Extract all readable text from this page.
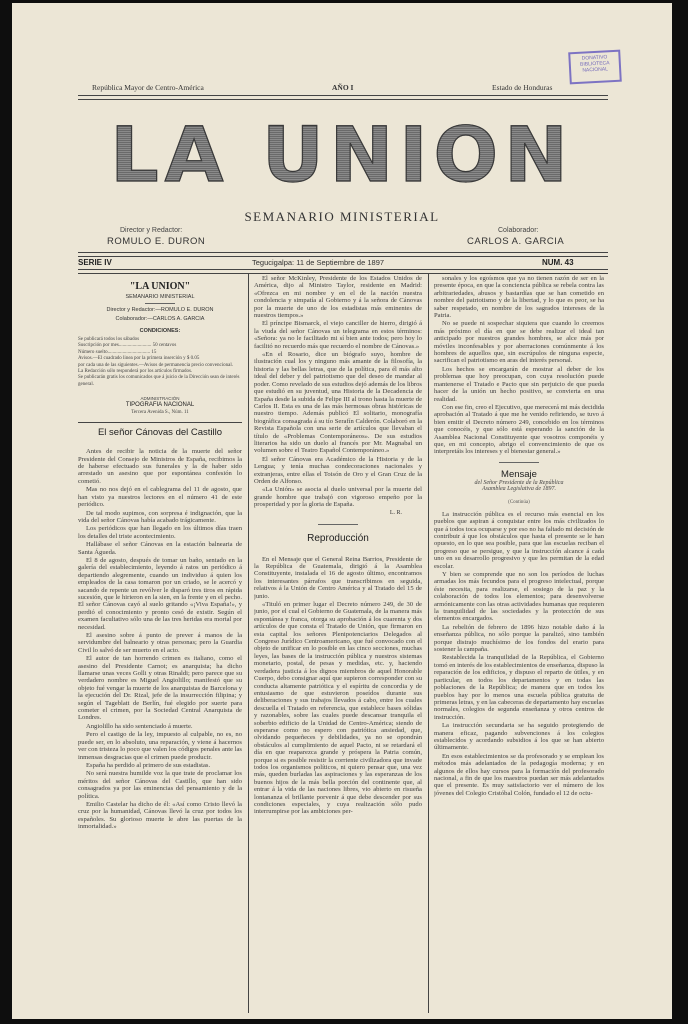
DONATIVO
BIBLIOTECA
NACIONAL
República Mayor de Centro-América	AÑO I	Estado de Honduras
LA UNION
SEMANARIO MINISTERIAL
Director y Redactor:
ROMULO E. DURON
Colaborador:
CARLOS A. GARCIA
SERIE IV	Tegucigalpa: 11 de Septiembre de 1897	NUM. 43
"LA UNION"
SEMANARIO MINISTERIAL
Director y Redactor:—ROMULO E. DURON
Colaborador:—CARLOS A. GARCIA
CONDICIONES:
Se publicará todos los sábados
Suscripción por mes.......................... 50 centavos
Número suelto.................................. 15
Avisos.—El cuadrado linea por la primera inserción y $ 0.05
por cada una de las siguientes.—Avisos de permanencia precio convencional.
La Redacción sólo responderá por los artículos firmados.
Se publicarán gratis los comunicados que á juicio de la Dirección sean de interés general.
ADMINISTRACIÓN
TIPOGRAFIA NACIONAL
Tercera Avenida S., Núm. 11
El señor Cánovas del Castillo

Antes de recibir la noticia de la muerte del señor Presidente del Consejo de Ministros de España, recibimos la de haberse efectuado sus funerales y la de haber sido arrestado un asesino que por espontánea confesión lo cometió.

Mas no nos dejó en el cablegrama del 11 de agosto, que han visto ya nuestros lectores en el número 41 de este periódico.

De tal modo supimos, con sorpresa é indignación, que la vida del señor Cánovas había acabado trágicamente.

Los periódicos que han llegado en los últimos días traen los detalles del triste acontecimiento.

Hallábase el señor Cánovas en la estación balnearia de Santa Águeda.

El 8 de agosto, después de tomar un baño, sentado en la galería del establecimiento, leyendo á ratos un periódico á departiendo alegremente, cuando un individuo á quien los empleados de la casa tomaron por un criado, se le acercó y sacando de repente un revólver le disparó tres tiros en rápida sucesión, que le hirieron en la sien, en la frente y en el pecho. El señor Cánovas cayó al suelo gritando «¡Viva España!», y perdió el conocimiento y pronto cesó de existir. Según el examen facultativo sólo una de las tres heridas era mortal por necesidad.

El asesino sobre á punto de prever á manos de la servidumbre del balneario y otras personas; pero la Guardia Civil lo salvó de ser muerto en el acto.

El autor de tan horrendo crimen es italiano, como el asesino del Presidente Carnot; es anarquista; ha dicho llamarse unas veces Golli y otras Rinaldi; pero parece que su verdadero nombre es Miguel Angiolillo; manifestó que su objeto fué vengar la muerte de los anarquistas de Barcelona y la ejecución del Dr. Rizal, jefe de la insurrección filipina; y según el Tageblatt de Berlín, fué elegido por suerte para cometer el crimen, por la Sociedad Central Anarquista de Londres.

Angiolillo ha sido sentenciado á muerte.

Pero el castigo de la ley, impuesto al culpable, no es, no puede ser, en lo absoluto, una reparación, y viene á hacernos ver con tristeza lo poco que valen los códigos penales ante las inmensas desgracias que el crimen puede producir.

España ha perdido al primero de sus estadistas.

No será nuestra humilde voz la que trate de proclamar los méritos del señor Cánovas del Castillo, que han sido consagrados ya por las eminencias del pensamiento y de la política.

Emilio Castelar ha dicho de él: «Así como Cristo llevó la cruz por la humanidad, Cánovas llevó la cruz por todos los españoles. Su glorioso muerte le abre las puertas de la inmortalidad.»

El señor McKinley, Presidente de los Estados Unidos de América, dijo al Ministro Taylor, residente en Madrid: «Ofrezca en mi nombre y en el de la nación nuestra condolencia y simpatía al Gobierno y á la señora de Cánovas por la muerte de uno de los estadistas más eminentes de nuestros tiempos.»

El príncipe Bismarck, el viejo canciller de hierro, dirigió á la viuda del señor Cánovas un telegrama en estos términos: «Señora: ya no le facilitado mi sí bien ante todos; pero hoy lo facilitó no recuerdo más que recuerdo el nombre de Cánovas.»

«En el Rosario, dice un biógrafo suyo, hombre de ilustración cual los y ninguno más amante de la filosofía, la historia y las bellas letras, que de la política, para él más alto ideal del deber y del patriotismo que del deseo de mandar al poder. Como revelado de sus estudios dejó además de los libros que estudió en su juventud, una Historia de la Decadencia de España desde la subida de Felipe III al trono hasta la muerte de Carlos II. Esta es una de las más hermosas obras históricas de nuestro tiempo. Además publicó El solitario, monografía biográfica consagrada á su tío Serafín Calderón. Colaboró en la Revista Española con una serie de artículos que llevaban el título de «Problemas Contemporáneos». De sus estudios literarios ha sido un duelo al francés por Mr. Magnabal un volumen sobre el Teatro Español Contemporáneo.»

El señor Cánovas era Académico de la Historia y de la Lengua; y tenía muchas condecoraciones nacionales y extranjeras, entre ellas el Toisón de Oro y el Gran Cruz de la Orden de Alfonso.

«La Unión» se asocia al duelo universal por la muerte del grande hombre que trabajó con vigoroso empeño por la prosperidad y por la gloria de España.

L. R.
Reproducción

En el Mensaje que el General Reina Barrios, Presidente de la República de Guatemala, dirigió á la Asamblea Constituyente, instalada el 16 de agosto último, encontramos los interesantes párrafos que transcribimos en seguida, relativos á la Unión de Centro América y al Tratado del 15 de junio.

«Tituló en primer lugar el Decreto número 249, de 30 de junio, por el cual el Gobierno de Guatemala, de la manera más espontánea y franca, otorga su aprobación á los cuarenta y dos artículos de que consta el Tratado de Unión, que firmaron en esta capital los señores Plenipotenciarios Delegados al Congreso Jurídico Centroamericano, que fué convocado con el objeto de unificar en lo posible en las cinco secciones, muchas leyes, las bases de la instrucción pública y nuestros sistemas monetario, postal, de pesas y medidas, etc. y, haciendo verdadera justicia á los dignos miembros de aquel Honorable Cuerpo, debo consignar aquí que supieron corresponder con su conducta altamente patriótica y el espíritu de concordia y de entusiasmo de que estuvieron poseídos durante sus deliberaciones y sus trabajos llevados á cabo, entre los cuales descuella el Tratado en referencia, que establece bases sólidas y razonables, sobre las cuales puede descansar tranquila el soberbio edificio de la Unidad de Centro-América; siendo de esperarse como no espero con patriótica ansiedad, que, olvidando pequeñeces y debilidades, ya no se opondrán obstáculos al cumplimiento de aquel Pacto, ni se retardará el día en que reaparezca grande y próspera la Patria común, porque si es posible resistir la corriente civilizadora que invade todos los organismos políticos, ni quiero pensar que, una vez más, queden burladas las aspiraciones y las esperanzas de los buenos hijos de la más bella porción del continente que, al entrar á la vida de las naciones libres, vio abierto en risueña lontananza el brillante porvenir á que debe descender por sus condiciones especiales, y cuya realización sólo pudo interrumpirse por las ambiciones per-

sonales y los egoísmos que ya no tienen razón de ser en la presente época, en que la conciencia pública se rebela contra las arbitrariedades, abusos y bastardías que se han cometido en nombre del patriotismo y de la libertad, y lo que es peor, se ha saber respetado, en nombre de los sagrados intereses de la Patria.

No se puede ni sospechar siquiera que cuando lo creemos más próximo el día en que se debe realizar el ideal tan anticipado por nuestros grandes hombres, se alce más por móviles inconfesables y por aberraciones comúnmente á los hombres de aquellos que, sin escrúpulos de ninguna especie, sacrifican el patriotismo en aras del interés personal.

Los hechos se encargarán de mostrar al deber de los problemas que hoy preocupan, con cuya resolución puede mantenerse el Tratado e Pacto que sin perjuicio de que pueda hacer de la unión un hecho positivo, se convierta en una realidad.

Con ese fin, creo el Ejecutivo, que merecerá mi más decidida aprobación al Tratado á que me he venido refiriendo, se tuvo á bien emitir el Decreto número 249, concebido en los términos que conocéis, y que sólo está esperando la sanción de la Asamblea Nacional Constituyente que vosotros componéis y que, en mi concepto, abrigo el convencimiento de que os interpretáis los intereses y el bienestar general.»

Mensaje
del Señor Presidente de la República
Asamblea Legislativa de 1897.
(Continúa)

La instrucción pública es el recurso más esencial en los pueblos que aspiran á conquistar entre los más civilizados lo que á todos toca ocuparse y por eso no ha faltado mi decisión de contribuir á que los obstáculos que hasta el presente se le han opuesto, en lo que sea posible, para que las escuelas reciban el progreso que se persigue, y que la instrucción alcance á cada uno en su desarrollo progresivo y que les permitan de la edad escolar.

Y bien se comprende que no son los períodos de luchas armadas los más fecundos para el progreso intelectual, porque éste necesita, para realizarse, el sosiego de la paz y la colaboración de todos los elementos; para desenvolverse armónicamente con las otras actividades humanas que requieren la tranquilidad de las sociedades y la protección de sus elementos encargados.

La rebelión de febrero de 1896 hizo notable daño á la enseñanza pública, no sólo porque la paralizó, sino también porque distrajo muchísimo de los fondos del erario para sostener la campaña.

Restablecida la tranquilidad de la República, el Gobierno tomó en interés de los establecimientos de enseñanza, dispuso la reparación de los edificios, y dispuso el reparto de útiles, y en particular, en todos los departamentos y en todas las poblaciones de la República; de manera que en todos los pueblos hay por lo menos una escuela pública gratuita de primeras letras, y en las cabeceras de departamento hay escuelas normales, colegios de segunda enseñanza y otros centros de instrucción.

La instrucción secundaria se ha seguido protegiendo de manera eficaz, pagando subvenciones á los colegios establecidos y acordando subsidios á los que se han abierto últimamente.

En esos establecimientos se da profesorado y se emplean los métodos más adelantados de la pedagogía moderna; y en algunos de ellos hay cursos para la formación del profesorado nacional, a fin de que los maestros puedan ser más adelantados que el presente. Es muy satisfactorio ver el número de los jóvenes del Colegio Cristóbal Colón, fundado el 12 de octu-
